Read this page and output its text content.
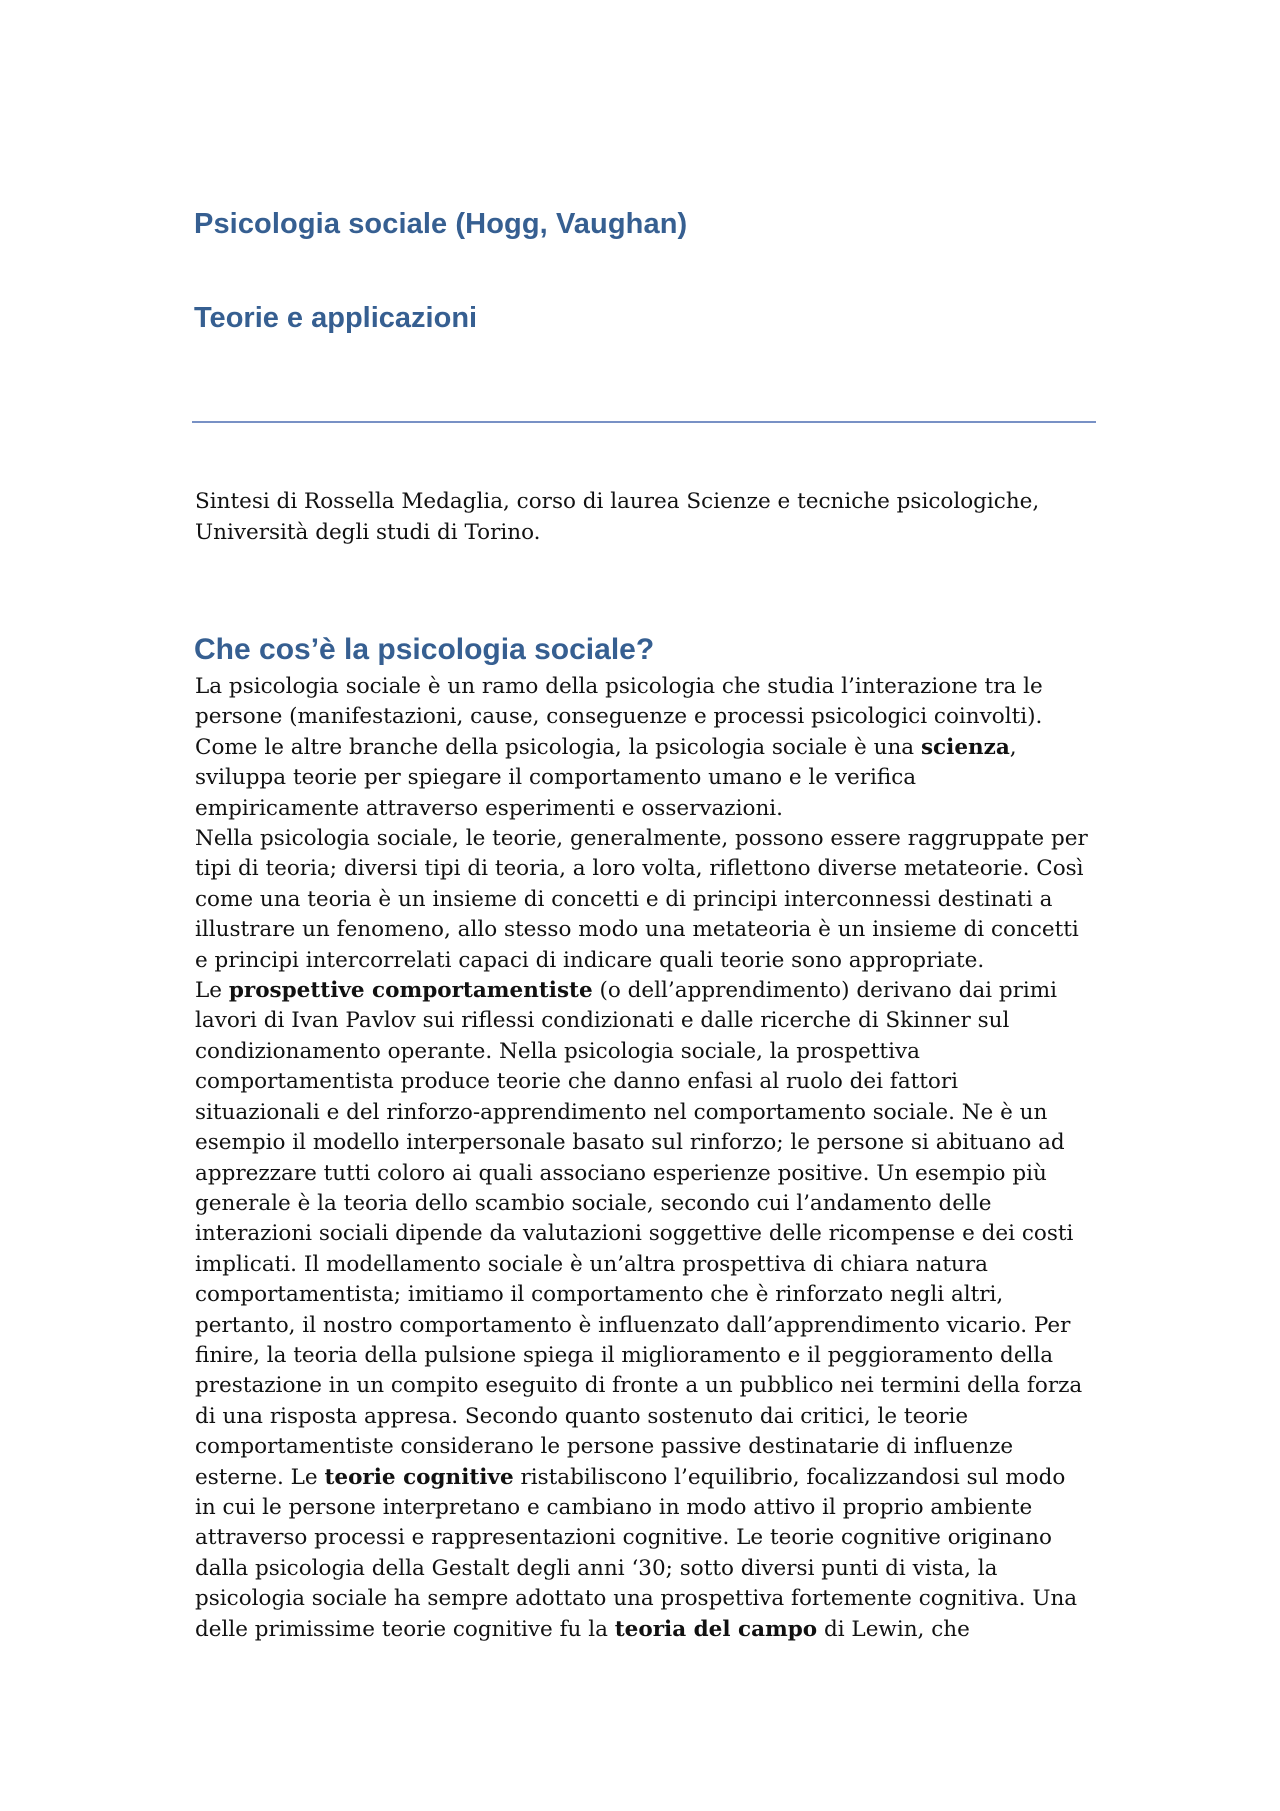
Psicologia sociale (Hogg, Vaughan)
Teorie e applicazioni

Sintesi di Rossella Medaglia, corso di laurea Scienze e tecniche psicologiche,
Università degli studi di Torino.

Che cos’è la psicologia sociale?
La psicologia sociale è un ramo della psicologia che studia l’interazione tra le
persone (manifestazioni, cause, conseguenze e processi psicologici coinvolti).
Come le altre branche della psicologia, la psicologia sociale è una scienza,
sviluppa teorie per spiegare il comportamento umano e le verifica
empiricamente attraverso esperimenti e osservazioni.
Nella psicologia sociale, le teorie, generalmente, possono essere raggruppate per
tipi di teoria; diversi tipi di teoria, a loro volta, riflettono diverse metateorie. Così
come una teoria è un insieme di concetti e di principi interconnessi destinati a
illustrare un fenomeno, allo stesso modo una metateoria è un insieme di concetti
e principi intercorrelati capaci di indicare quali teorie sono appropriate.
Le prospettive comportamentiste (o dell’apprendimento) derivano dai primi
lavori di Ivan Pavlov sui riflessi condizionati e dalle ricerche di Skinner sul
condizionamento operante. Nella psicologia sociale, la prospettiva
comportamentista produce teorie che danno enfasi al ruolo dei fattori
situazionali e del rinforzo-apprendimento nel comportamento sociale. Ne è un
esempio il modello interpersonale basato sul rinforzo; le persone si abituano ad
apprezzare tutti coloro ai quali associano esperienze positive. Un esempio più
generale è la teoria dello scambio sociale, secondo cui l’andamento delle
interazioni sociali dipende da valutazioni soggettive delle ricompense e dei costi
implicati. Il modellamento sociale è un’altra prospettiva di chiara natura
comportamentista; imitiamo il comportamento che è rinforzato negli altri,
pertanto, il nostro comportamento è influenzato dall’apprendimento vicario. Per
finire, la teoria della pulsione spiega il miglioramento e il peggioramento della
prestazione in un compito eseguito di fronte a un pubblico nei termini della forza
di una risposta appresa. Secondo quanto sostenuto dai critici, le teorie
comportamentiste considerano le persone passive destinatarie di influenze
esterne. Le teorie cognitive ristabiliscono l’equilibrio, focalizzandosi sul modo
in cui le persone interpretano e cambiano in modo attivo il proprio ambiente
attraverso processi e rappresentazioni cognitive. Le teorie cognitive originano
dalla psicologia della Gestalt degli anni ‘30; sotto diversi punti di vista, la
psicologia sociale ha sempre adottato una prospettiva fortemente cognitiva. Una
delle primissime teorie cognitive fu la teoria del campo di Lewin, che
